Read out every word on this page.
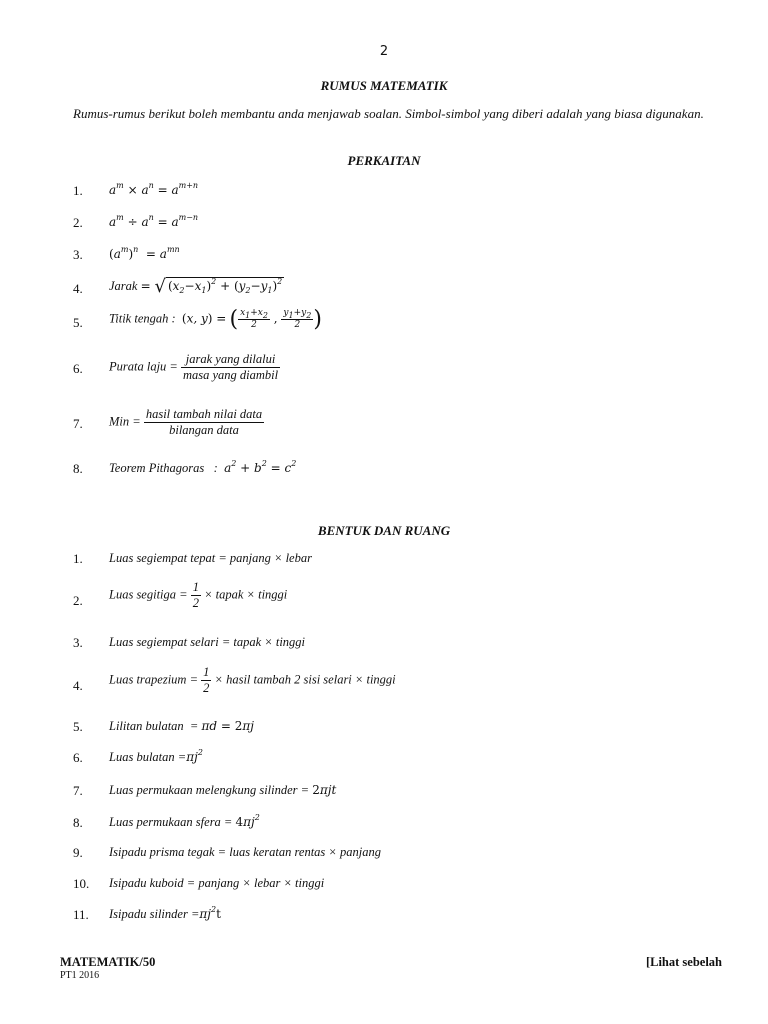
2
RUMUS MATEMATIK
Rumus-rumus berikut boleh membantu anda menjawab soalan. Simbol-simbol yang diberi adalah yang biasa digunakan.
PERKAITAN
1.	$a^m \times a^n = a^{m+n}$
2.	$a^m \div a^n = a^{m-n}$
3.	$(a^m)^n = a^{mn}$
4.	Jarak = √ $(x_2-x_1)^2 + (y_2-y_1)^2$
5.	Titik tengah : (x, y) = ( $\frac{x_1+x_2}{2}$ , $\frac{y_1+y_2}{2}$ )
6.	Purata laju = $\frac{\text{jarak yang dilalui}}{\text{masa yang diambil}}$
7.	Min = $\frac{\text{hasil tambah nilai data}}{\text{bilangan data}}$
8.	Teorem Pithagoras   : $a^2 + b^2 = c^2$
BENTUK DAN RUANG
1.	Luas segiempat tepat = panjang × lebar
2.	Luas segitiga = $\frac{1}{2}$ × tapak × tinggi
3.	Luas segiempat selari = tapak × tinggi
4.	Luas trapezium = $\frac{1}{2}$ × hasil tambah 2 sisi selari × tinggi
5.	Lilitan bulatan  = πd = 2πj
6.	Luas bulatan $=\pi j^2$
7.	Luas permukaan melengkung silinder = 2πjt
8.	Luas permukaan sfera = $4\pi j^2$
9.	Isipadu prisma tegak = luas keratan rentas × panjang
10.	Isipadu kuboid = panjang × lebar × tinggi
11.	Isipadu silinder $=\pi j^2t$
MATEMATIK/50
PT1 2016
[Lihat sebelah
